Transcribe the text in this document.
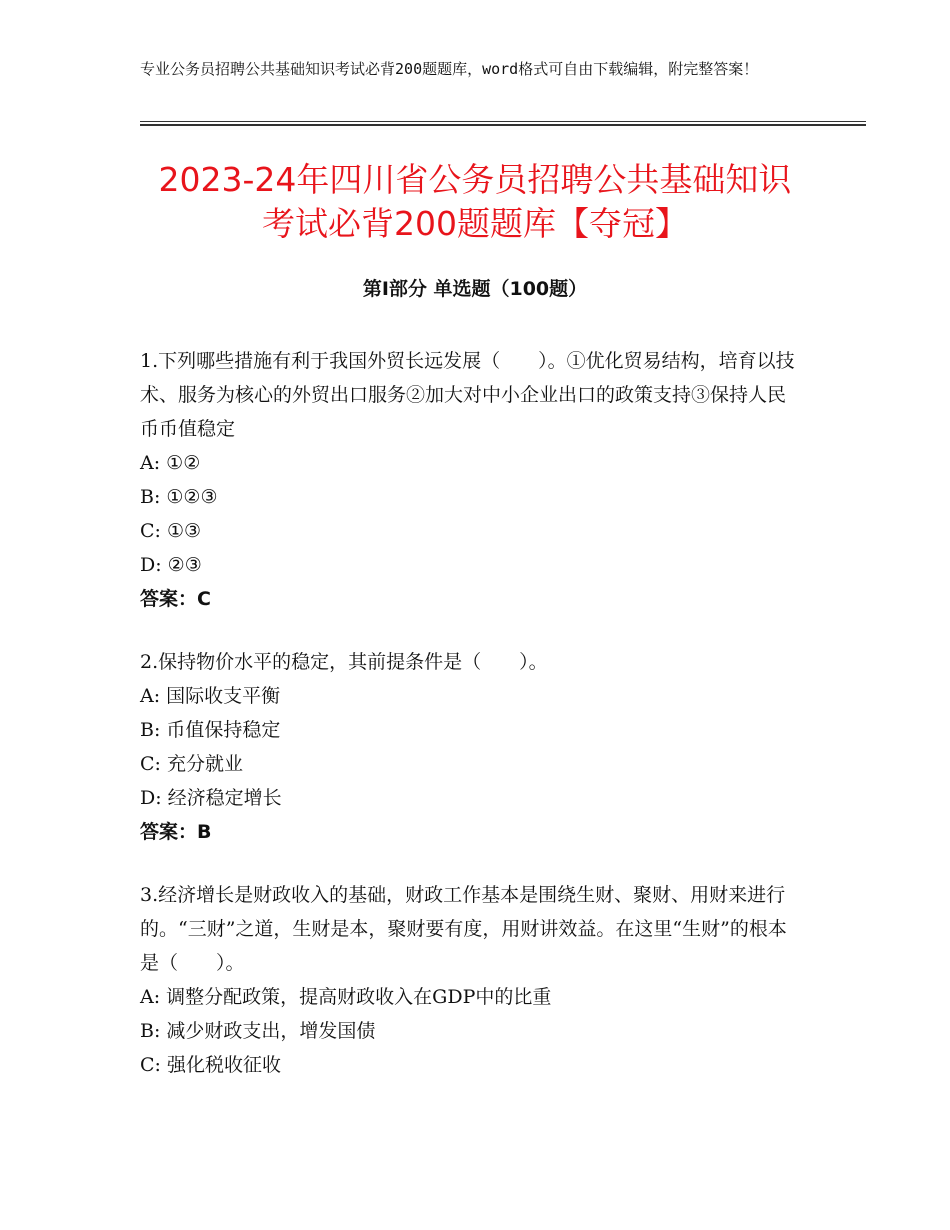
专业公务员招聘公共基础知识考试必背200题题库，word格式可自由下载编辑，附完整答案！
2023-24年四川省公务员招聘公共基础知识
考试必背200题题库【夺冠】
第Ⅰ部分 单选题（100题）
1.下列哪些措施有利于我国外贸长远发展（　　）。①优化贸易结构，培育以技术、服务为核心的外贸出口服务②加大对中小企业出口的政策支持③保持人民币币值稳定
A: ①②
B: ①②③
C: ①③
D: ②③
答案：C
2.保持物价水平的稳定，其前提条件是（　　）。
A: 国际收支平衡
B: 币值保持稳定
C: 充分就业
D: 经济稳定增长
答案：B
3.经济增长是财政收入的基础，财政工作基本是围绕生财、聚财、用财来进行的。“三财”之道，生财是本，聚财要有度，用财讲效益。在这里“生财”的根本是（　　）。
A: 调整分配政策，提高财政收入在GDP中的比重
B: 减少财政支出，增发国债
C: 强化税收征收
